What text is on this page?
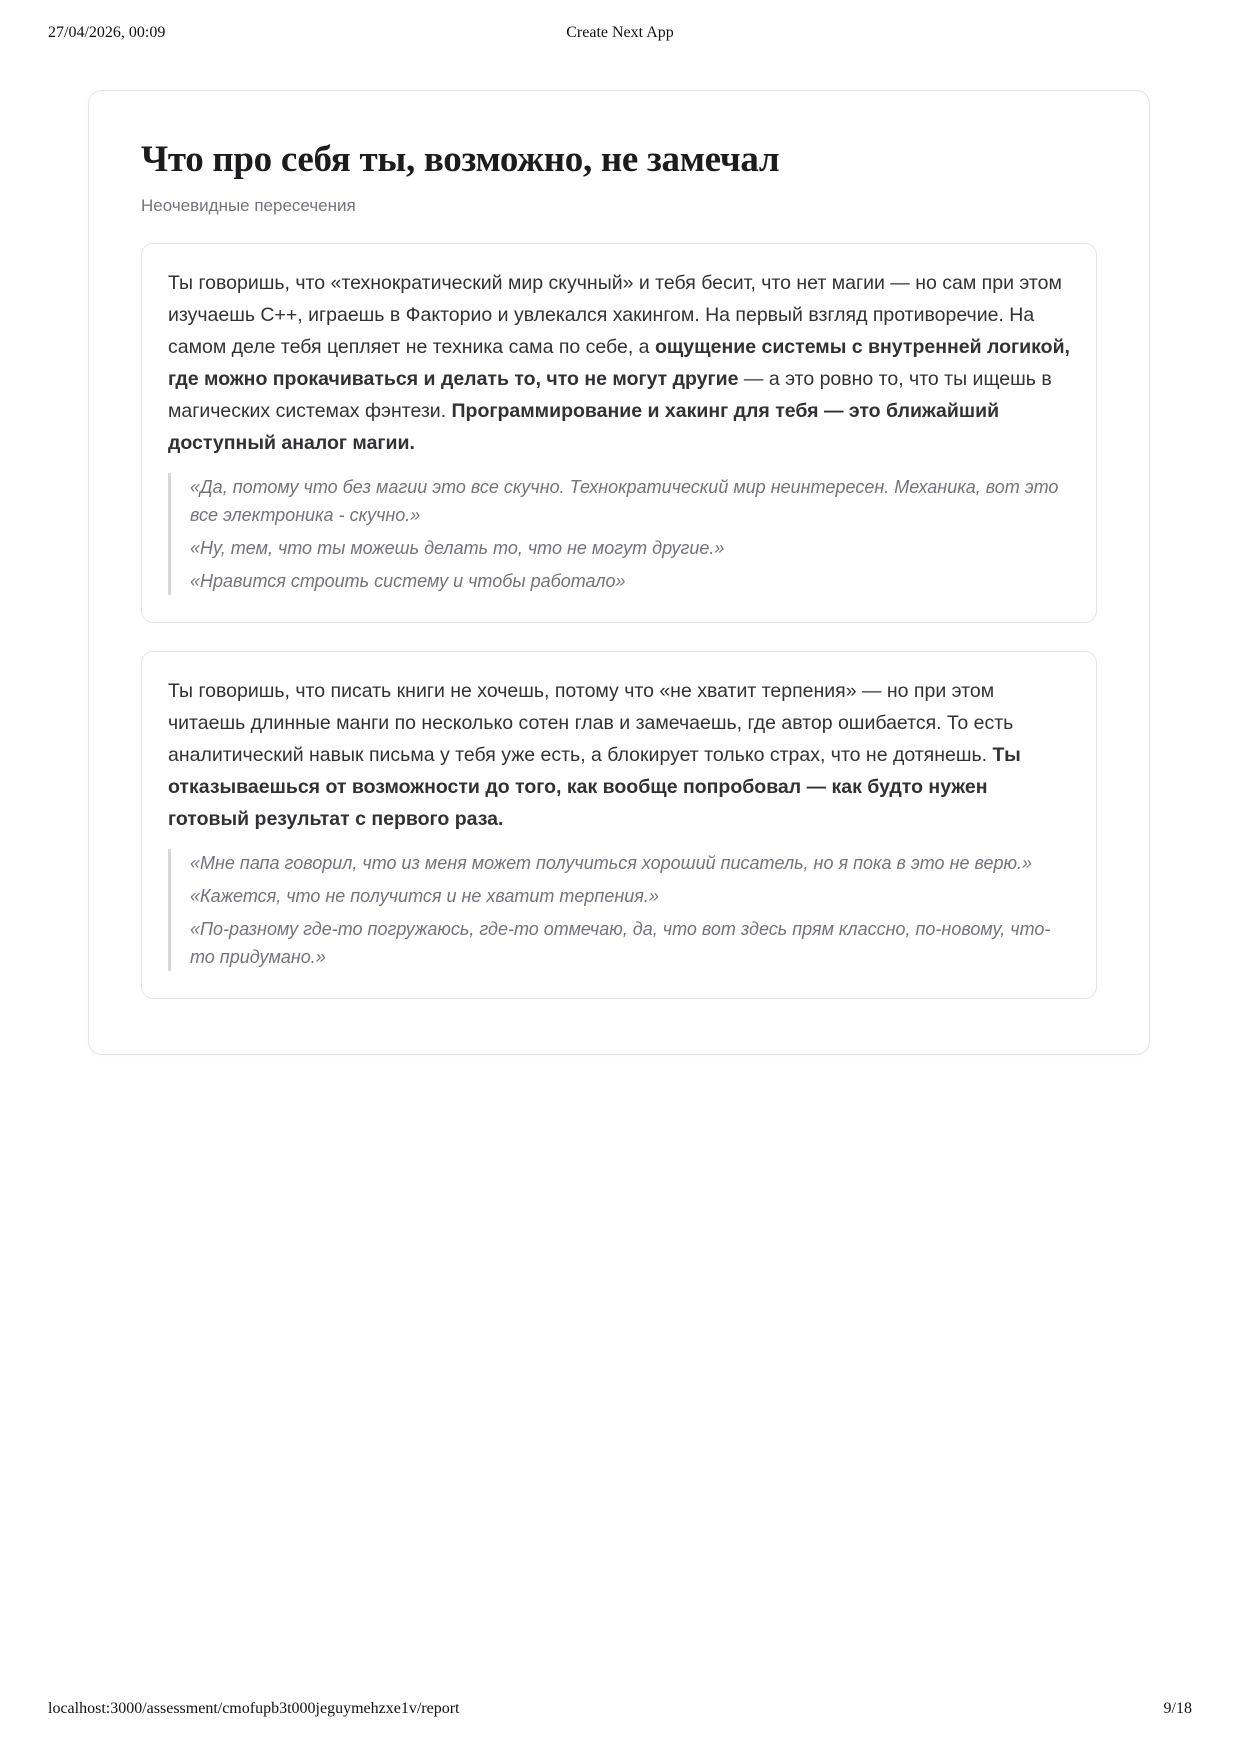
27/04/2026, 00:09	Create Next App
Что про себя ты, возможно, не замечал
Неочевидные пересечения
Ты говоришь, что «технократический мир скучный» и тебя бесит, что нет магии — но сам при этом изучаешь C++, играешь в Факторио и увлекался хакингом. На первый взгляд противоречие. На самом деле тебя цепляет не техника сама по себе, а ощущение системы с внутренней логикой, где можно прокачиваться и делать то, что не могут другие — а это ровно то, что ты ищешь в магических системах фэнтези. Программирование и хакинг для тебя — это ближайший доступный аналог магии.
«Да, потому что без магии это все скучно. Технократический мир неинтересен. Механика, вот это все электроника - скучно.»
«Ну, тем, что ты можешь делать то, что не могут другие.»
«Нравится строить систему и чтобы работало»
Ты говоришь, что писать книги не хочешь, потому что «не хватит терпения» — но при этом читаешь длинные манги по несколько сотен глав и замечаешь, где автор ошибается. То есть аналитический навык письма у тебя уже есть, а блокирует только страх, что не дотянешь. Ты отказываешься от возможности до того, как вообще попробовал — как будто нужен готовый результат с первого раза.
«Мне папа говорил, что из меня может получиться хороший писатель, но я пока в это не верю.»
«Кажется, что не получится и не хватит терпения.»
«По-разному где-то погружаюсь, где-то отмечаю, да, что вот здесь прям классно, по-новому, что-то придумано.»
localhost:3000/assessment/cmofupb3t000jeguymehzxe1v/report	9/18
